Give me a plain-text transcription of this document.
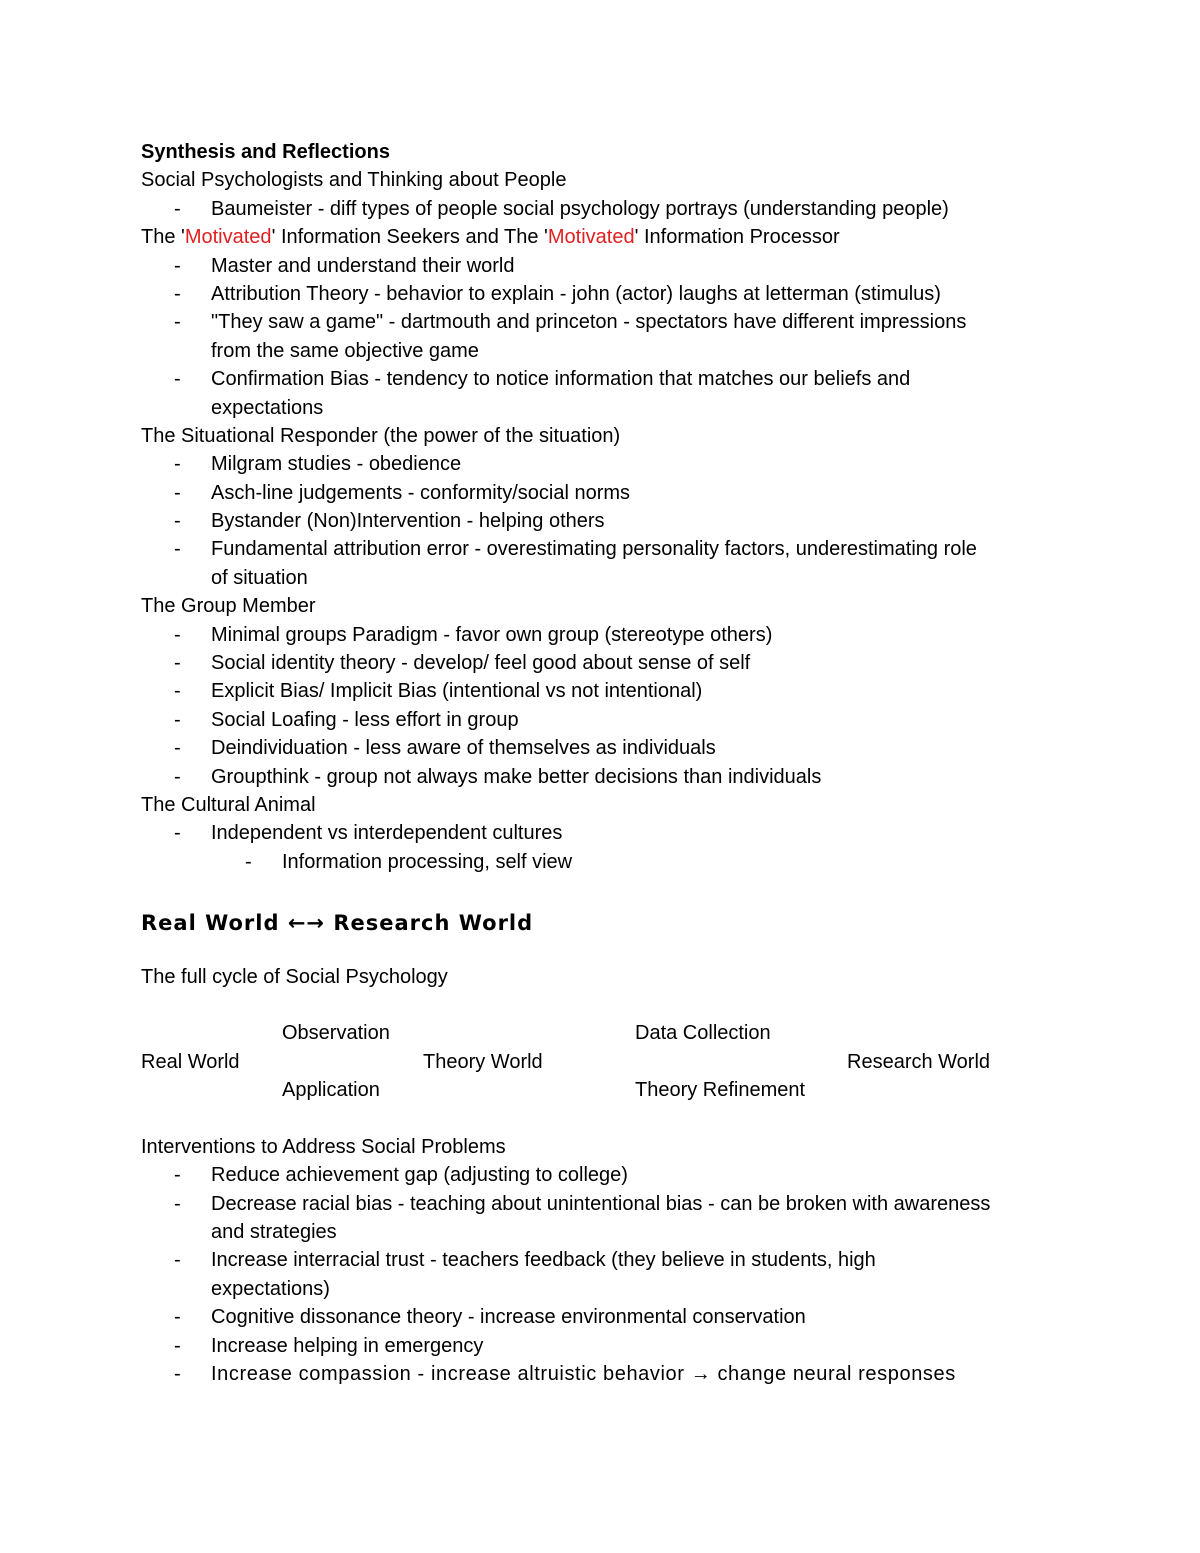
Synthesis and Reflections
Social Psychologists and Thinking about People
- Baumeister - diff types of people social psychology portrays (understanding people)
The 'Motivated' Information Seekers and The 'Motivated' Information Processor
- Master and understand their world
- Attribution Theory - behavior to explain - john (actor) laughs at letterman (stimulus)
- "They saw a game" - dartmouth and princeton - spectators have different impressions
from the same objective game
- Confirmation Bias - tendency to notice information that matches our beliefs and
expectations
The Situational Responder (the power of the situation)
- Milgram studies - obedience
- Asch-line judgements - conformity/social norms
- Bystander (Non)Intervention - helping others
- Fundamental attribution error - overestimating personality factors, underestimating role
of situation
The Group Member
- Minimal groups Paradigm - favor own group (stereotype others)
- Social identity theory - develop/ feel good about sense of self
- Explicit Bias/ Implicit Bias (intentional vs not intentional)
- Social Loafing - less effort in group
- Deindividuation - less aware of themselves as individuals
- Groupthink - group not always make better decisions than individuals
The Cultural Animal
- Independent vs interdependent cultures
- Information processing, self view
Real World ←→ Research World
The full cycle of Social Psychology
Observation	Data Collection
Real World	Theory World	Research World
Application	Theory Refinement
Interventions to Address Social Problems
- Reduce achievement gap (adjusting to college)
- Decrease racial bias - teaching about unintentional bias - can be broken with awareness
and strategies
- Increase interracial trust - teachers feedback (they believe in students, high
expectations)
- Cognitive dissonance theory - increase environmental conservation
- Increase helping in emergency
- Increase compassion - increase altruistic behavior → change neural responses
